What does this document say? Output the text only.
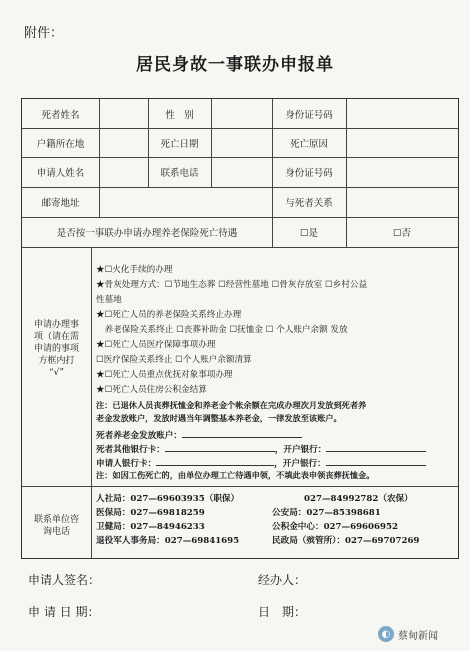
附件：
居民身故一事联办申报单
死者姓名	性　别	身份证号码
户籍所在地	死亡日期	死亡原因
申请人姓名	联系电话	身份证号码
邮寄地址	与死者关系
是否按一事联办申请办理养老保险死亡待遇	☐是	☐否
申请办理事
项（请在需
申请的事项
方框内打
“√”
★☐火化手续的办理
★骨灰处理方式：☐节地生态葬 ☐经营性墓地 ☐骨灰存放室 ☐乡村公益
性墓地
★☐死亡人员的养老保险关系终止办理
　养老保险关系终止 ☐丧葬补助金 ☐抚恤金 ☐ 个人账户余额 发放
★☐死亡人员医疗保障事项办理
☐医疗保险关系终止 ☐个人账户余额清算
★☐死亡人员重点优抚对象事项办理
★☐死亡人员住房公积金结算
注：已退休人员丧葬抚恤金和养老金个帐余额在完成办理次月发放到死者养
老金发放账户，发放时遇当年调整基本养老金，一律发放至该账户。
死者养老金发放账户：
死者其他银行卡：	，开户银行：
申请人银行卡：	，开户银行：
注：如因工伤死亡的，由单位办理工亡待遇申领，不填此表申领丧葬抚恤金。
联系单位咨
询电话
人社局：027—69603935（职保）	027—84992782（农保）
医保局：027—69818259	公安局：027—85398681
卫健局：027—84946233	公积金中心：027—69606952
退役军人事务局：027—69841695	民政局（殡管所）：027—69707269
申请人签名：	经办人：
申 请 日 期：	日　期：
◐ 蔡甸新闻
